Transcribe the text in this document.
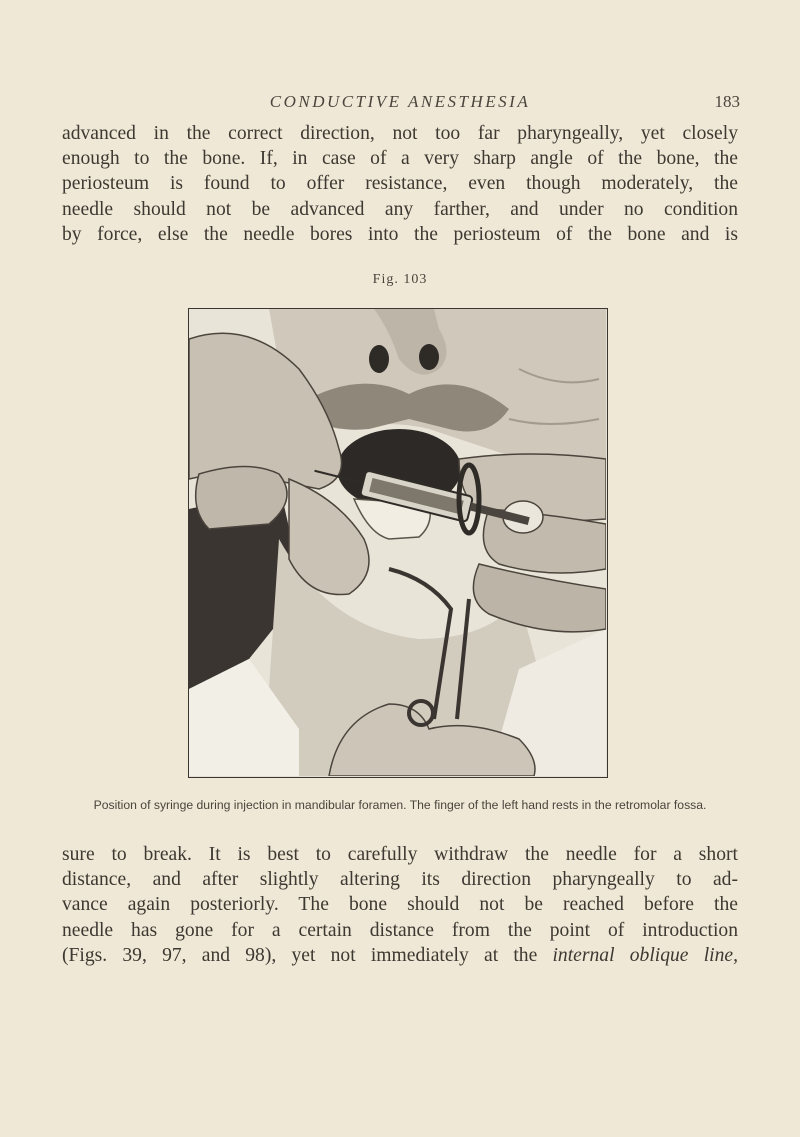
CONDUCTIVE ANESTHESIA	183

advanced in the correct direction, not too far pharyngeally, yet closely

enough to the bone. If, in case of a very sharp angle of the bone, the

periosteum is found to offer resistance, even though moderately, the

needle should not be advanced any farther, and under no condition

by force, else the needle bores into the periosteum of the bone and is

Fig. 103
Position of syringe during injection in mandibular foramen. The finger of the left hand rests in the retromolar fossa.

sure to break. It is best to carefully withdraw the needle for a short

distance, and after slightly altering its direction pharyngeally to ad-

vance again posteriorly. The bone should not be reached before the

needle has gone for a certain distance from the point of introduction

(Figs. 39, 97, and 98), yet not immediately at the internal oblique line,
